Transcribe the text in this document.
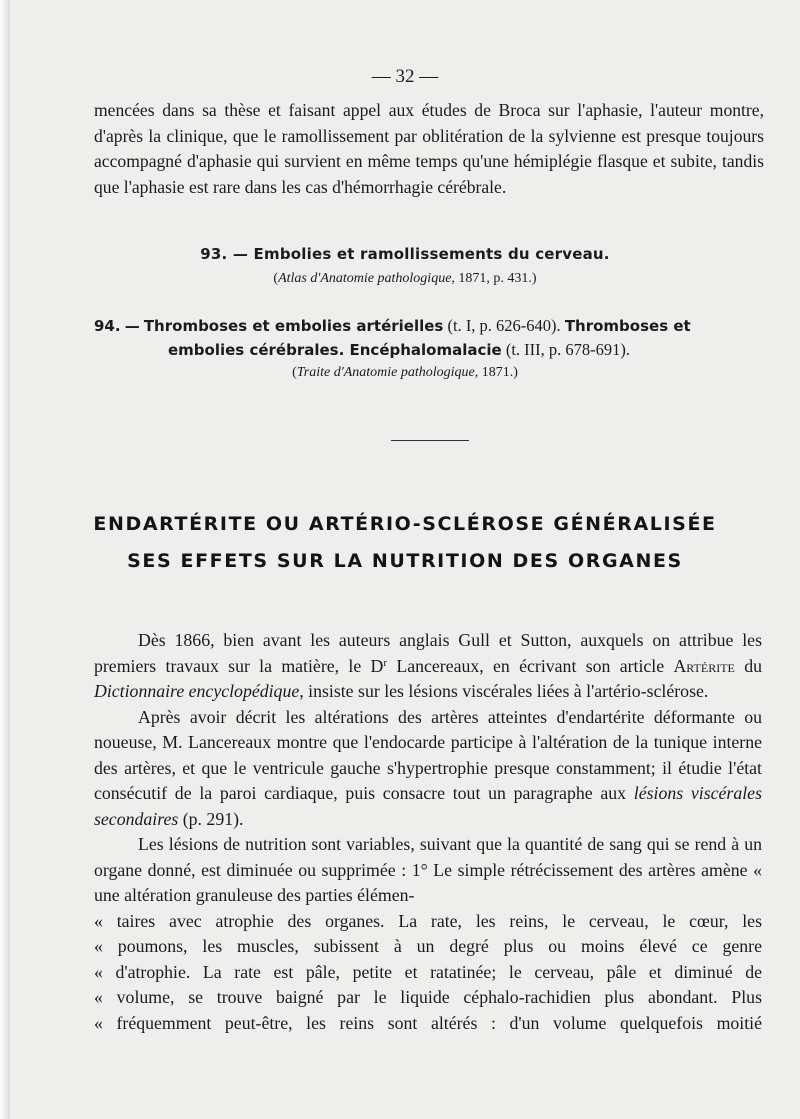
— 32 —

mencées dans sa thèse et faisant appel aux études de Broca sur l'aphasie, l'auteur montre, d'après la clinique, que le ramollissement par oblitération de la sylvienne est presque toujours accompagné d'aphasie qui survient en même temps qu'une hémiplégie flasque et subite, tandis que l'aphasie est rare dans les cas d'hémorrhagie cérébrale.

93. — Embolies et ramollissements du cerveau.
(Atlas d'Anatomie pathologique, 1871, p. 431.)
94. — Thromboses et embolies artérielles (t. I, p. 626-640). Thromboses et
embolies cérébrales. Encéphalomalacie (t. III, p. 678-691).
(Traite d'Anatomie pathologique, 1871.)
ENDARTÉRITE OU ARTÉRIO-SCLÉROSE GÉNÉRALISÉE
SES EFFETS SUR LA NUTRITION DES ORGANES

Dès 1866, bien avant les auteurs anglais Gull et Sutton, auxquels on attribue les premiers travaux sur la matière, le $D^r$ Lancereaux, en écrivant son article Artérite du Dictionnaire encyclopédique, insiste sur les lésions viscérales liées à l'artério-sclérose.

Après avoir décrit les altérations des artères atteintes d'endartérite déformante ou noueuse, M. Lancereaux montre que l'endocarde participe à l'altération de la tunique interne des artères, et que le ventricule gauche s'hypertrophie presque constamment; il étudie l'état consécutif de la paroi cardiaque, puis consacre tout un paragraphe aux lésions viscérales secondaires (p. 291).

Les lésions de nutrition sont variables, suivant que la quantité de sang qui se rend à un organe donné, est diminuée ou supprimée : 1° Le simple rétrécissement des artères amène « une altération granuleuse des parties élémen-

« taires avec atrophie des organes. La rate, les reins, le cerveau, le cœur, les
« poumons, les muscles, subissent à un degré plus ou moins élevé ce genre
« d'atrophie. La rate est pâle, petite et ratatinée; le cerveau, pâle et diminué de
« volume, se trouve baigné par le liquide céphalo-rachidien plus abondant. Plus
« fréquemment peut-être, les reins sont altérés : d'un volume quelquefois moitié
